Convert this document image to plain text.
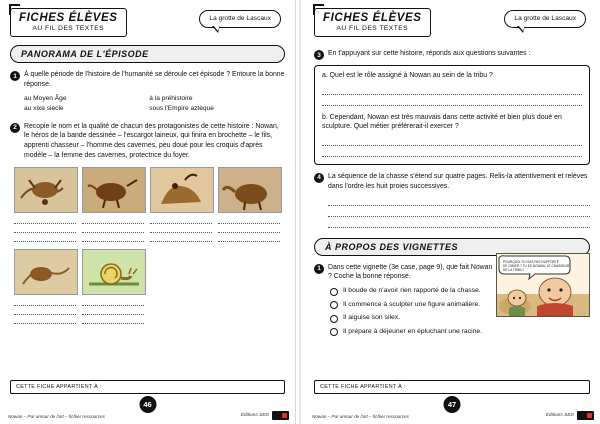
FICHES ÉLÈVES
AU FIL DES TEXTES
La grotte de Lascaux
PANORAMA DE L'ÉPISODE
1	À quelle période de l'histoire de l'humanité se déroule cet épisode ? Entoure la bonne réponse.
au Moyen Âge
au xixe siècle
à la préhistoire
sous l'Empire aztèque
2	Recopie le nom et la qualité de chacun des protagonistes de cette histoire : Nowan, le héros de la bande dessinée – l'escargot laineux, qui finira en brochette – le fils, apprenti chasseur – l'homme des cavernes, peu doué pour les croquis d'après modèle – la femme des cavernes, protectrice du foyer.
CETTE FICHE APPARTIENT À :
46
Nowan – Par amour de l'art – fichier ressources	Éditions SED
FICHES ÉLÈVES
AU FIL DES TEXTES
La grotte de Lascaux
3	En t'appuyant sur cette histoire, réponds aux questions suivantes :
a. Quel est le rôle assigné à Nowan au sein de la tribu ?
b. Cependant, Nowan est très mauvais dans cette activité et bien plus doué en sculpture. Quel métier préférerait-il exercer ?
4	La séquence de la chasse s'étend sur quatre pages. Relis-la attentivement et relèves dans l'ordre les huit proies successives.
À PROPOS DES VIGNETTES
1	Dans cette vignette (3e case, page 9), que fait Nowan ? Coche la bonne réponse.
Il boude de n'avoir rien rapporté de la chasse.
Il commence à sculpter une figure animalière.
Il aiguise son silex.
Il prépare à déjeuner en épluchant une racine.
POURQUOI TU N'AS PAS RAPPORTÉ
DE GIBIER ? TU ES NOWAN, LE CHASSEUR
DE LA TRIBU !
CETTE FICHE APPARTIENT À :
47
Nowan – Par amour de l'art – fichier ressources	Éditions SED
